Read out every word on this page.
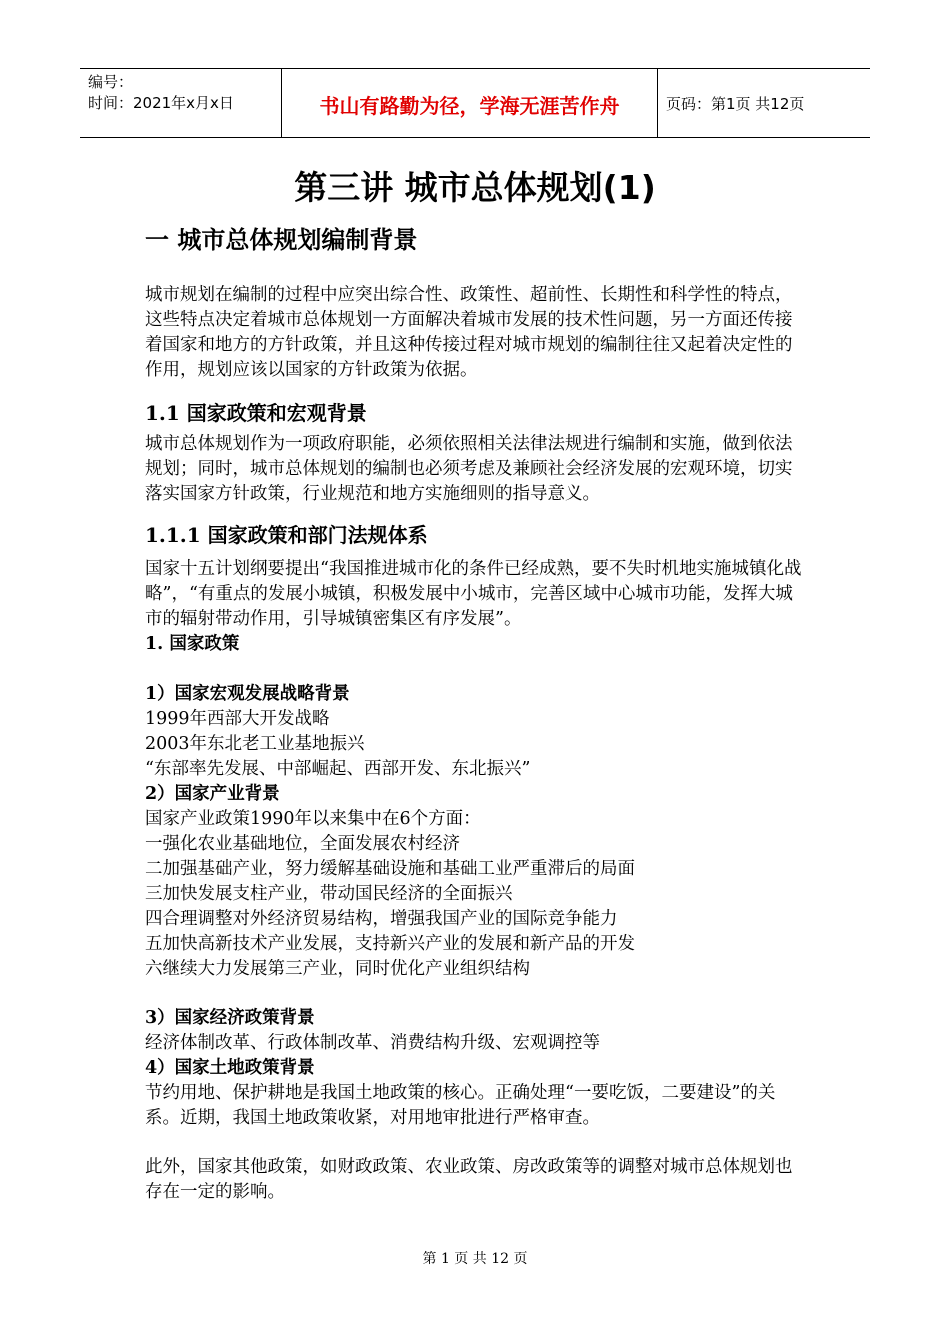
编号：
时间：2021年x月x日	书山有路勤为径，学海无涯苦作舟	页码：第1页 共12页
第三讲 城市总体规划(1)
一 城市总体规划编制背景

城市规划在编制的过程中应突出综合性、政策性、超前性、长期性和科学性的特点，这些特点决定着城市总体规划一方面解决着城市发展的技术性问题，另一方面还传接着国家和地方的方针政策，并且这种传接过程对城市规划的编制往往又起着决定性的作用，规划应该以国家的方针政策为依据。

1.1 国家政策和宏观背景

城市总体规划作为一项政府职能，必须依照相关法律法规进行编制和实施，做到依法规划；同时，城市总体规划的编制也必须考虑及兼顾社会经济发展的宏观环境，切实落实国家方针政策，行业规范和地方实施细则的指导意义。

1.1.1 国家政策和部门法规体系

国家十五计划纲要提出“我国推进城市化的条件已经成熟，要不失时机地实施城镇化战略”，“有重点的发展小城镇，积极发展中小城市，完善区域中心城市功能，发挥大城市的辐射带动作用，引导城镇密集区有序发展”。

1. 国家政策

1）国家宏观发展战略背景

1999年西部大开发战略

2003年东北老工业基地振兴

“东部率先发展、中部崛起、西部开发、东北振兴”

2）国家产业背景

国家产业政策1990年以来集中在6个方面：

一强化农业基础地位，全面发展农村经济

二加强基础产业，努力缓解基础设施和基础工业严重滞后的局面

三加快发展支柱产业，带动国民经济的全面振兴

四合理调整对外经济贸易结构，增强我国产业的国际竞争能力

五加快高新技术产业发展，支持新兴产业的发展和新产品的开发

六继续大力发展第三产业，同时优化产业组织结构

3）国家经济政策背景

经济体制改革、行政体制改革、消费结构升级、宏观调控等

4）国家土地政策背景

节约用地、保护耕地是我国土地政策的核心。正确处理“一要吃饭，二要建设”的关系。近期，我国土地政策收紧，对用地审批进行严格审查。

此外，国家其他政策，如财政政策、农业政策、房改政策等的调整对城市总体规划也存在一定的影响。

第 1 页 共 12 页
